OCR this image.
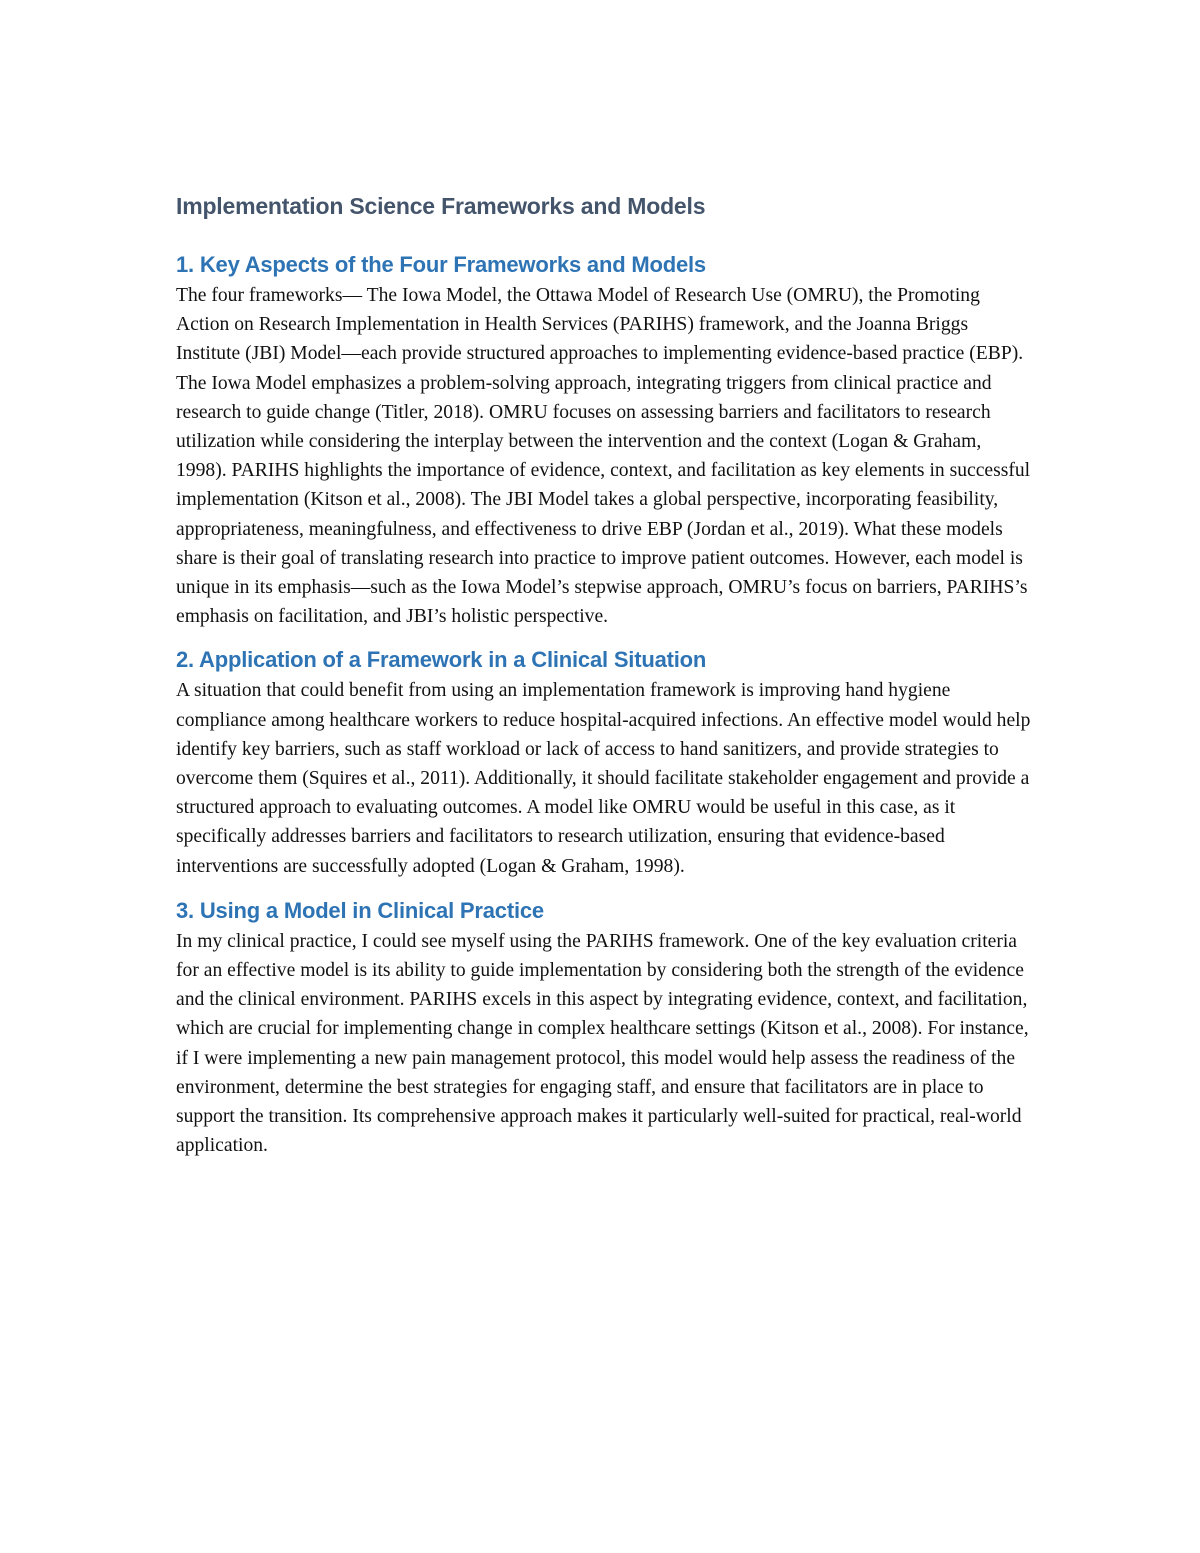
Implementation Science Frameworks and Models
1. Key Aspects of the Four Frameworks and Models

The four frameworks— The Iowa Model, the Ottawa Model of Research Use (OMRU), the Promoting Action on Research Implementation in Health Services (PARIHS) framework, and the Joanna Briggs Institute (JBI) Model—each provide structured approaches to implementing evidence-based practice (EBP). The Iowa Model emphasizes a problem-solving approach, integrating triggers from clinical practice and research to guide change (Titler, 2018). OMRU focuses on assessing barriers and facilitators to research utilization while considering the interplay between the intervention and the context (Logan & Graham, 1998). PARIHS highlights the importance of evidence, context, and facilitation as key elements in successful implementation (Kitson et al., 2008). The JBI Model takes a global perspective, incorporating feasibility, appropriateness, meaningfulness, and effectiveness to drive EBP (Jordan et al., 2019). What these models share is their goal of translating research into practice to improve patient outcomes. However, each model is unique in its emphasis—such as the Iowa Model’s stepwise approach, OMRU’s focus on barriers, PARIHS’s emphasis on facilitation, and JBI’s holistic perspective.

2. Application of a Framework in a Clinical Situation

A situation that could benefit from using an implementation framework is improving hand hygiene compliance among healthcare workers to reduce hospital-acquired infections. An effective model would help identify key barriers, such as staff workload or lack of access to hand sanitizers, and provide strategies to overcome them (Squires et al., 2011). Additionally, it should facilitate stakeholder engagement and provide a structured approach to evaluating outcomes. A model like OMRU would be useful in this case, as it specifically addresses barriers and facilitators to research utilization, ensuring that evidence-based interventions are successfully adopted (Logan & Graham, 1998).

3. Using a Model in Clinical Practice

In my clinical practice, I could see myself using the PARIHS framework. One of the key evaluation criteria for an effective model is its ability to guide implementation by considering both the strength of the evidence and the clinical environment. PARIHS excels in this aspect by integrating evidence, context, and facilitation, which are crucial for implementing change in complex healthcare settings (Kitson et al., 2008). For instance, if I were implementing a new pain management protocol, this model would help assess the readiness of the environment, determine the best strategies for engaging staff, and ensure that facilitators are in place to support the transition. Its comprehensive approach makes it particularly well-suited for practical, real-world application.
